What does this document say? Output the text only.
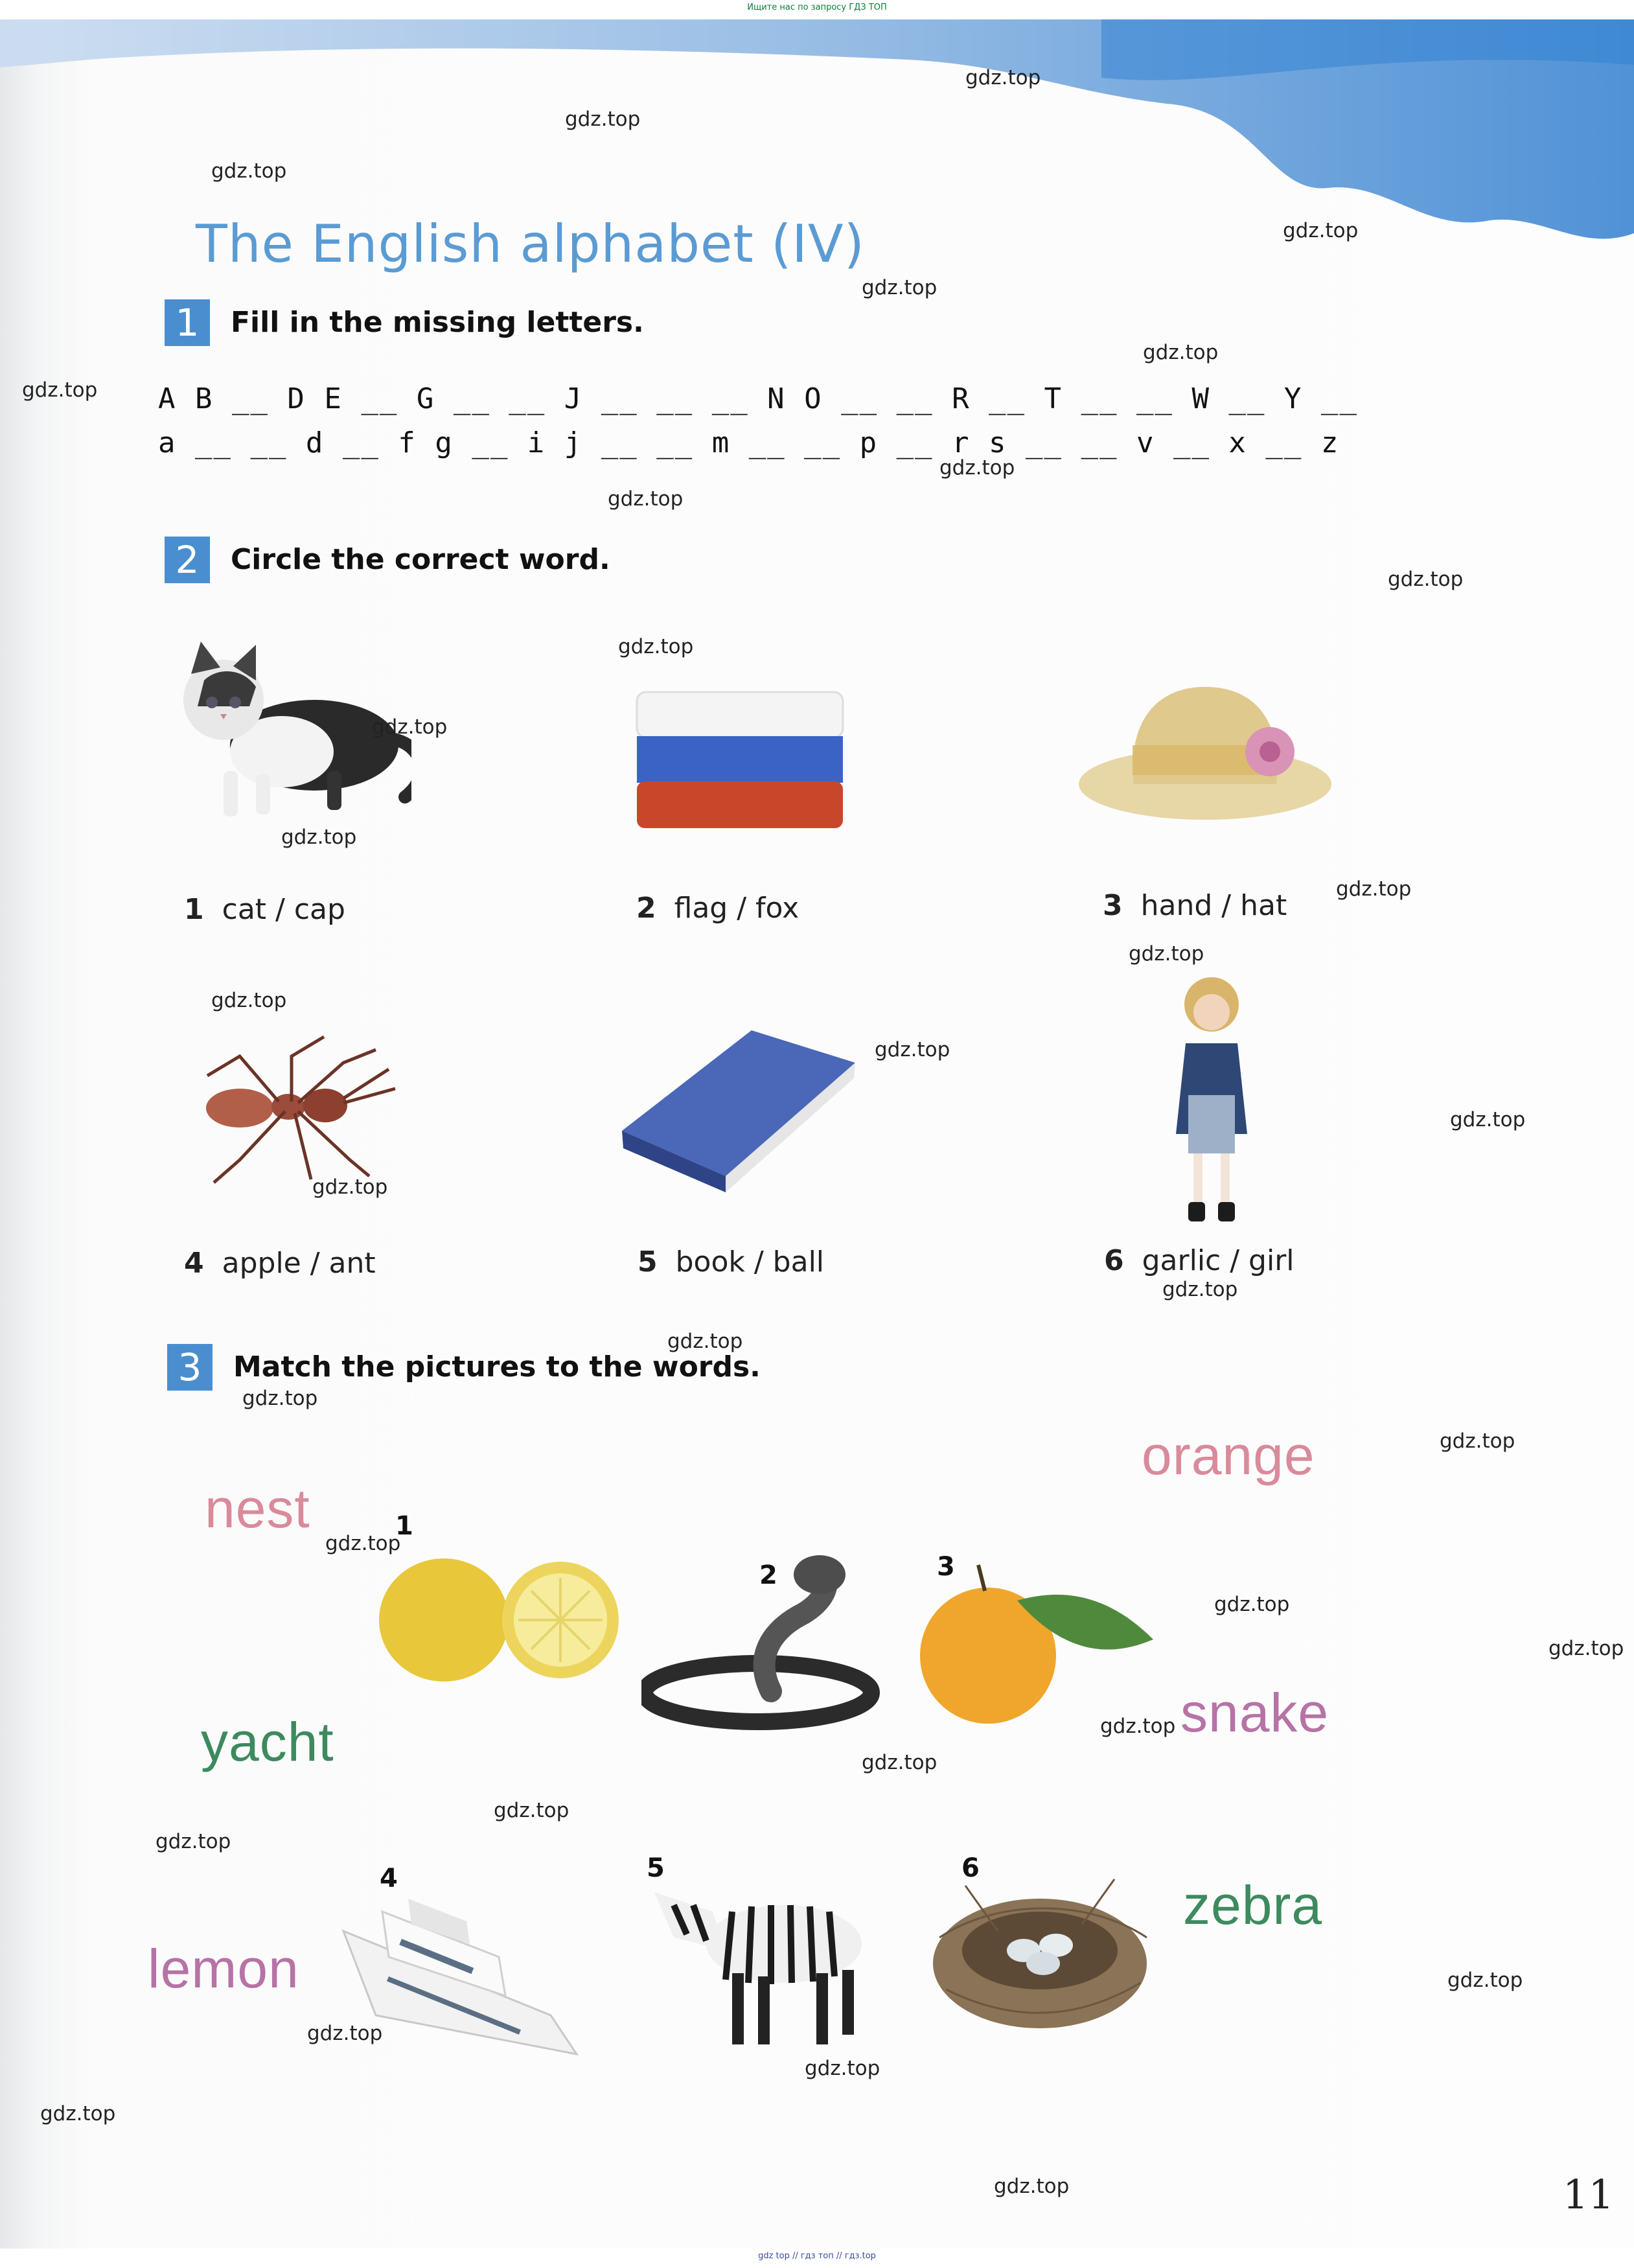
Ищите нас по запросу ГДЗ ТОП
The English alphabet (IV)
1	Fill in the missing letters.
A B __ D E __ G __ __ J __ __ __ N O __ __ R __ T __ __ W __ Y __
a __ __ d __ f g __ i j __ __ m __ __ p __ r s __ __ v __ x __ z
2	Circle the correct word.
1 cat / cap	2 flag / fox	3 hand / hat
4 apple / ant	5 book / ball	6 garlic / girl
3	Match the pictures to the words.
nest
orange
yacht	snake
lemon
zebra
1
2	3
4	5	6
11
gdz.top
gdz.top
gdz.top
gdz.top
gdz.top
gdz.top
gdz.top
gdz.top
gdz.top
gdz.top
gdz.top
gdz.top
gdz.top
gdz.top
gdz.top
gdz.top
gdz.top
gdz.top
gdz.top
gdz.top
gdz.top
gdz.top
gdz.top
gdz.top
gdz.top
gdz.top
gdz.top
gdz.top
gdz.top
gdz.top
gdz.top
gdz.top
gdz.top
gdz.top
gdz.top
gdz top // гдз топ // гдз.top
